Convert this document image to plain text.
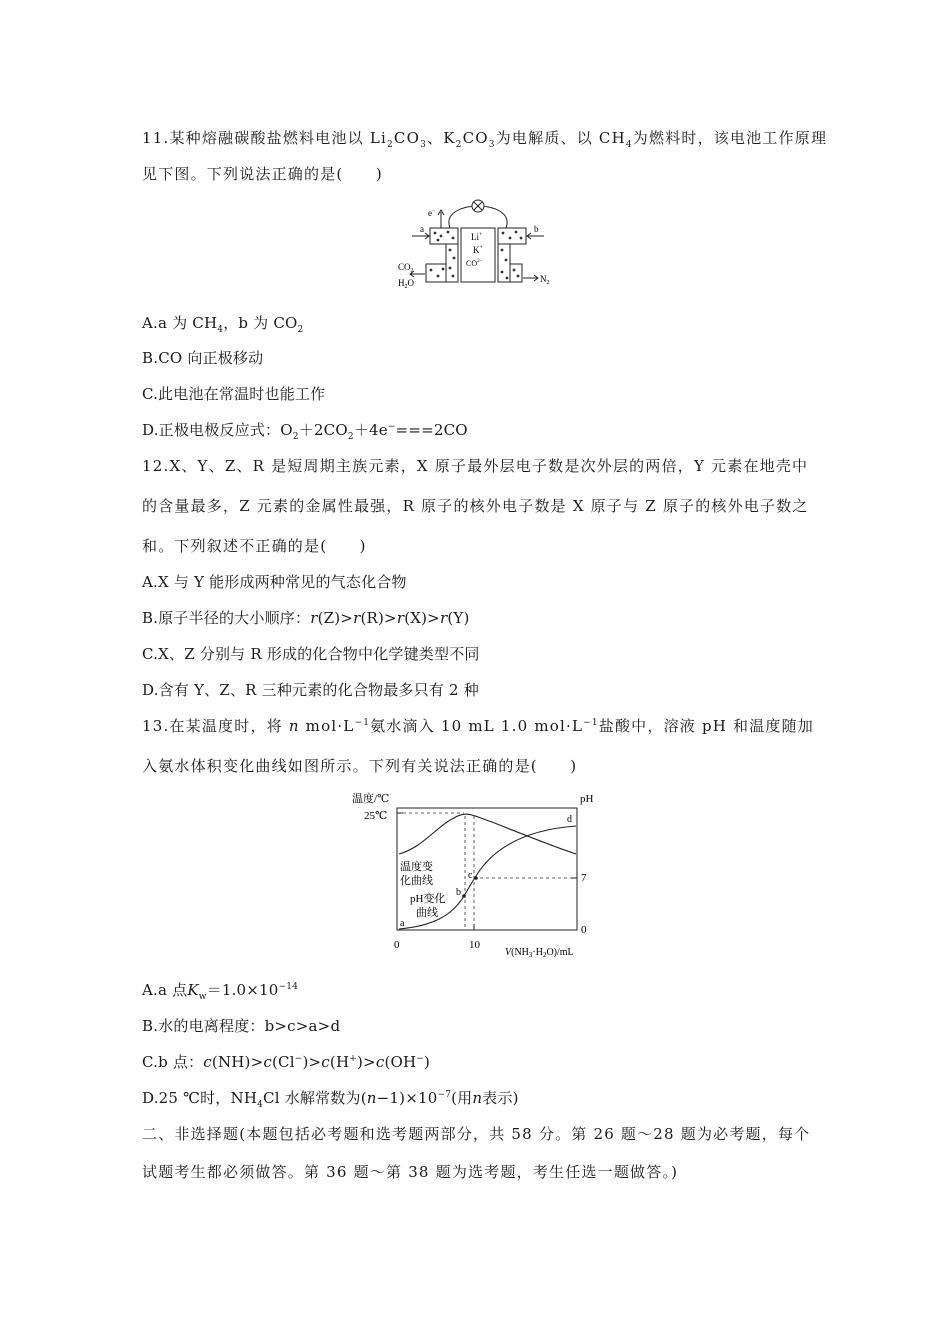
11.某种熔融碳酸盐燃料电池以 $Li_2CO_3$、$K_2CO_3$为电解质、以 $CH_4$为燃料时，该电池工作原理
见下图。下列说法正确的是(　　)
e−
Li+
K+
$CO^{2-}$
a	b
$CO_2$
$H_2O$	$N_2$
A.a 为 $CH_4$，b 为 $CO_2$
B.CO 向正极移动
C.此电池在常温时也能工作
D.正极电极反应式：$O_2+2CO_2+4e^-===2CO$
12.X、Y、Z、R 是短周期主族元素，X 原子最外层电子数是次外层的两倍，Y 元素在地壳中
的含量最多，Z 元素的金属性最强，R 原子的核外电子数是 X 原子与 Z 原子的核外电子数之
和。下列叙述不正确的是(　　)
A.X 与 Y 能形成两种常见的气态化合物
B.原子半径的大小顺序：r(Z)>r(R)>r(X)>r(Y)
C.X、Z 分别与 R 形成的化合物中化学键类型不同
D.含有 Y、Z、R 三种元素的化合物最多只有 2 种
13.在某温度时，将 n $mol\cdot L^{-1}$氨水滴入 10 mL 1.0 $mol\cdot L^{-1}$盐酸中，溶液 pH 和温度随加
入氨水体积变化曲线如图所示。下列有关说法正确的是(　　)
温度/℃	pH
25℃
7
0
0	10
$V(NH_3\cdot H_2O)/mL$
a
b
c
d
温度变
化曲线
pH变化
曲线
A.a 点$K_w=1.0\times 10^{-14}$
B.水的电离程度：b>c>a>d
C.b 点：c(NH)>c(Cl−)>c(H+)>c(OH−)
D.25 ℃时，$NH_4Cl$ 水解常数为$(n-1)\times 10^{-7}$(用n表示)
二、非选择题(本题包括必考题和选考题两部分，共 58 分。第 26 题～28 题为必考题，每个
试题考生都必须做答。第 36 题～第 38 题为选考题，考生任选一题做答。)
